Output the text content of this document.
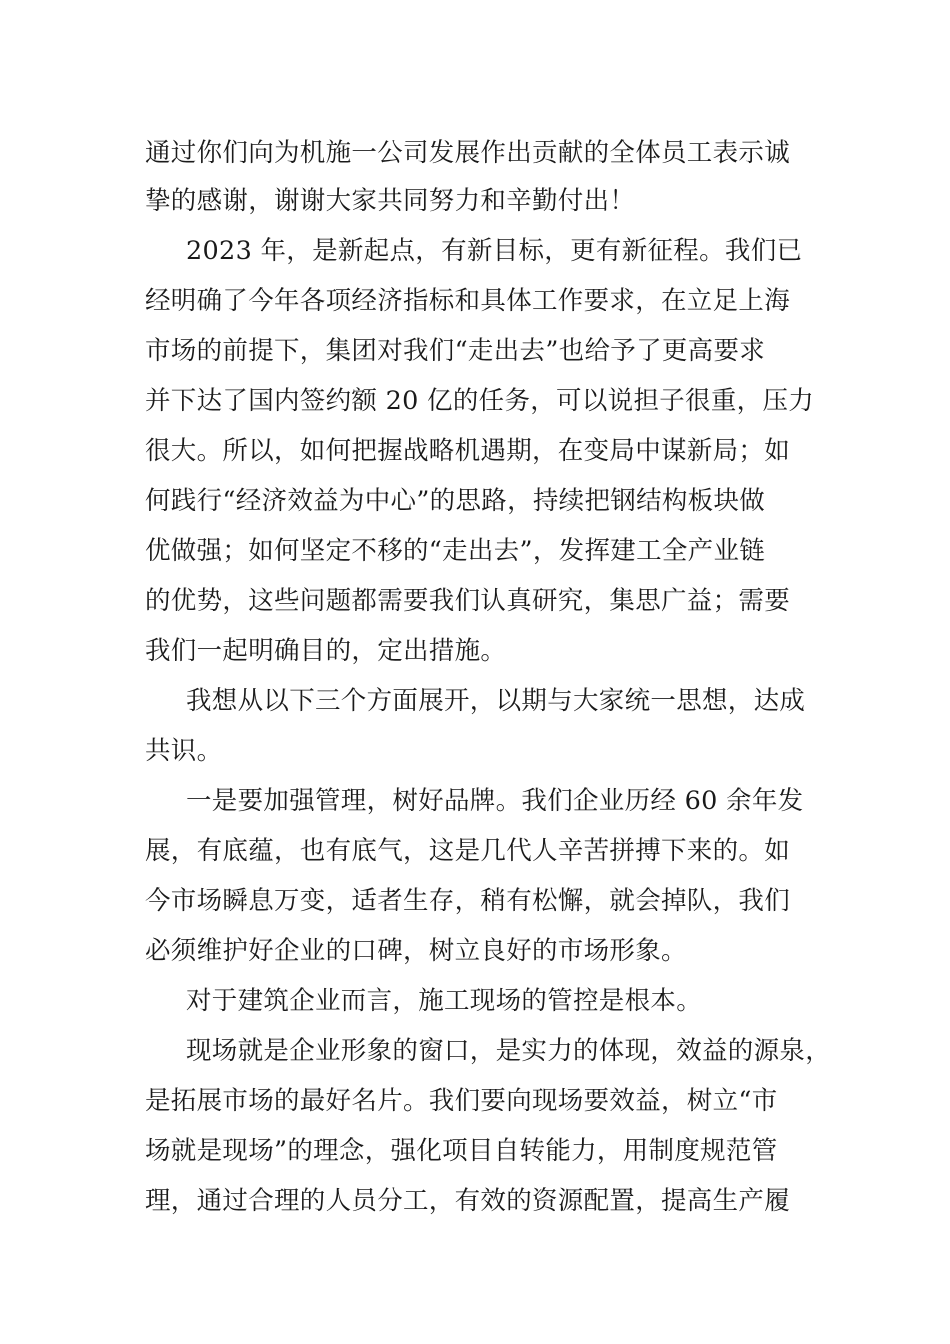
通过你们向为机施一公司发展作出贡献的全体员工表示诚
挚的感谢，谢谢大家共同努力和辛勤付出！
2023 年，是新起点，有新目标，更有新征程。我们已
经明确了今年各项经济指标和具体工作要求，在立足上海
市场的前提下，集团对我们“走出去”也给予了更高要求
并下达了国内签约额 20 亿的任务，可以说担子很重，压力
很大。所以，如何把握战略机遇期，在变局中谋新局；如
何践行“经济效益为中心”的思路，持续把钢结构板块做
优做强；如何坚定不移的“走出去”，发挥建工全产业链
的优势，这些问题都需要我们认真研究，集思广益；需要
我们一起明确目的，定出措施。
我想从以下三个方面展开，以期与大家统一思想，达成
共识。
一是要加强管理，树好品牌。我们企业历经 60 余年发
展，有底蕴，也有底气，这是几代人辛苦拼搏下来的。如
今市场瞬息万变，适者生存，稍有松懈，就会掉队，我们
必须维护好企业的口碑，树立良好的市场形象。
对于建筑企业而言，施工现场的管控是根本。
现场就是企业形象的窗口，是实力的体现，效益的源泉，
是拓展市场的最好名片。我们要向现场要效益，树立“市
场就是现场”的理念，强化项目自转能力，用制度规范管
理，通过合理的人员分工，有效的资源配置，提高生产履
